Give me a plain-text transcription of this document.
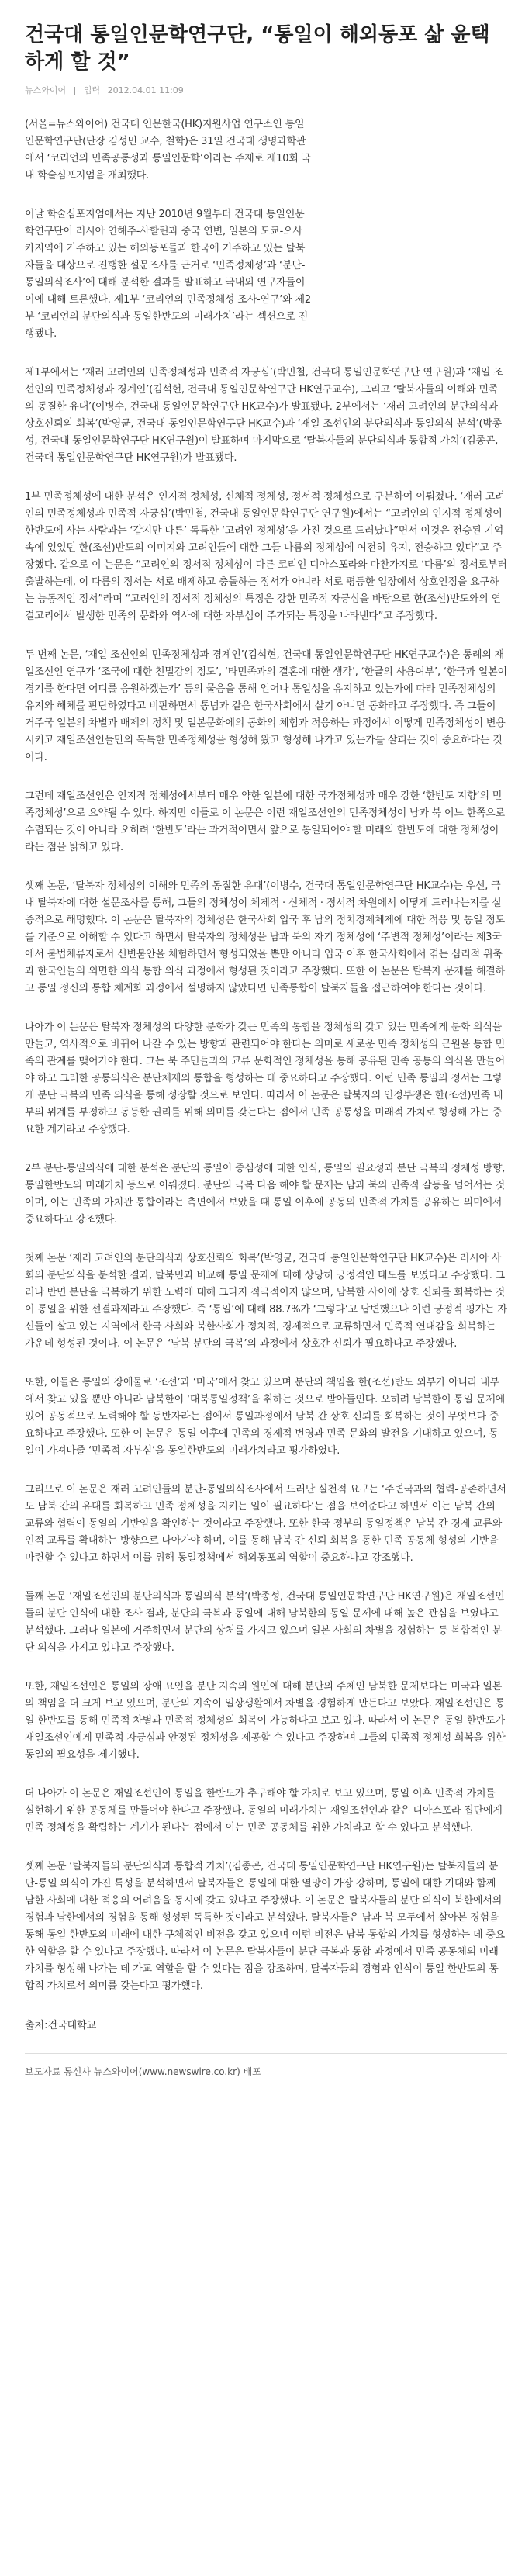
건국대 통일인문학연구단, “통일이 해외동포 삶 윤택하게 할 것”
뉴스와이어 | 입력 2012.04.01 11:09

(서울=뉴스와이어) 건국대 인문한국(HK)지원사업 연구소인 통일인문학연구단(단장 김성민 교수, 철학)은 31일 건국대 생명과학관에서 ‘코리언의 민족공통성과 통일인문학’이라는 주제로 제10회 국내 학술심포지엄을 개최했다.

이날 학술심포지엄에서는 지난 2010년 9월부터 건국대 통일인문학연구단이 러시아 연해주-사할린과 중국 연변, 일본의 도쿄-오사카지역에 거주하고 있는 해외동포들과 한국에 거주하고 있는 탈북자들을 대상으로 진행한 설문조사를 근거로 ‘민족정체성’과 ‘분단-통일의식조사’에 대해 분석한 결과를 발표하고 국내외 연구자들이 이에 대해 토론했다. 제1부 ‘코리언의 민족정체성 조사-연구’와 제2부 ‘코리언의 분단의식과 통일한반도의 미래가치’라는 섹션으로 진행됐다.

제1부에서는 ‘재러 고려인의 민족정체성과 민족적 자긍심’(박민철, 건국대 통일인문학연구단 연구원)과 ‘재일 조선인의 민족정체성과 경계인’(김석현, 건국대 통일인문학연구단 HK연구교수), 그리고 ‘탈북자들의 이해와 민족의 동질한 유대’(이병수, 건국대 통일인문학연구단 HK교수)가 발표됐다. 2부에서는 ‘재러 고려인의 분단의식과 상호신뢰의 회복’(박영균, 건국대 통일인문학연구단 HK교수)과 ‘재일 조선인의 분단의식과 통일의식 분석’(박종성, 건국대 통일인문학연구단 HK연구원)이 발표하며 마지막으로 ‘탈북자들의 분단의식과 통합적 가치’(김종곤, 건국대 통일인문학연구단 HK연구원)가 발표됐다.

1부 민족정체성에 대한 분석은 인지적 정체성, 신체적 정체성, 정서적 정체성으로 구분하여 이뤄졌다. ‘재러 고려인의 민족정체성과 민족적 자긍심’(박민철, 건국대 통일인문학연구단 연구원)에서는 “고려인의 인지적 정체성이 한반도에 사는 사람과는 ‘같지만 다른’ 독특한 ‘고려인 정체성’을 가진 것으로 드러났다”면서 이것은 전승된 기억 속에 있었던 한(조선)반도의 이미지와 고려인들에 대한 그들 나름의 정체성에 여전히 유지, 전승하고 있다”고 주장했다. 같으로 이 논문은 “고려인의 정서적 정체성이 다른 코리언 디아스포라와 마찬가지로 ‘다름’의 정서로부터 출발하는데, 이 다름의 정서는 서로 배제하고 충돌하는 정서가 아니라 서로 평등한 입장에서 상호인정을 요구하는 능동적인 정서”라며 “고려인의 정서적 정체성의 특징은 강한 민족적 자긍심을 바탕으로 한(조선)반도와의 연결고리에서 발생한 민족의 문화와 역사에 대한 자부심이 주가되는 특징을 나타낸다”고 주장했다.

두 번째 논문, ‘재일 조선인의 민족정체성과 경계인’(김석현, 건국대 통일인문학연구단 HK연구교수)은 통례의 재일조선인 연구가 ‘조국에 대한 친밀감의 정도’, ‘타민족과의 결혼에 대한 생각’, ‘한글의 사용여부’, ‘한국과 일본이 경기를 한다면 어디를 응원하겠는가’ 등의 물음을 통해 얻어나 통일성을 유지하고 있는가에 따라 민족정체성의 유지와 해체를 판단하였다고 비판하면서 통념과 같은 한국사회에서 살기 아니면 동화라고 주장했다. 즉 그들이 거주국 일본의 차별과 배제의 정책 및 일본문화에의 동화의 체험과 적응하는 과정에서 어떻게 민족정체성이 변용시키고 재일조선인들만의 독특한 민족정체성을 형성해 왔고 형성해 나가고 있는가를 살피는 것이 중요하다는 것이다.

그런데 재일조선인은 인지적 정체성에서부터 매우 약한 일본에 대한 국가정체성과 매우 강한 ‘한반도 지향’의 민족정체성’으로 요약될 수 있다. 하지만 이들로 이 논문은 이런 재일조선인의 민족정체성이 남과 북 어느 한쪽으로 수렴되는 것이 아니라 오히려 ‘한반도’라는 과거적이면서 앞으로 통일되어야 할 미래의 한반도에 대한 정체성이라는 점을 밝히고 있다.

셋째 논문, ‘탈북자 정체성의 이해와 민족의 동질한 유대’(이병수, 건국대 통일인문학연구단 HK교수)는 우선, 국내 탈북자에 대한 설문조사를 통해, 그들의 정체성이 체제적 · 신체적 · 정서적 차원에서 어떻게 드러나는지를 실증적으로 해명했다. 이 논문은 탈북자의 정체성은 한국사회 입국 후 남의 정치경제체제에 대한 적응 및 통일 정도를 기준으로 이해할 수 있다고 하면서 탈북자의 정체성을 남과 북의 자기 정체성에 ‘주변적 정체성’이라는 제3국에서 불법체류자로서 신변불안을 체험하면서 형성되었을 뿐만 아니라 입국 이후 한국사회에서 겪는 심리적 위축과 한국인들의 외면한 의식 통합 의식 과정에서 형성된 것이라고 주장했다. 또한 이 논문은 탈북자 문제를 해결하고 통일 정신의 통합 체계화 과정에서 설명하지 않았다면 민족통합이 탈북자들을 접근하여야 한다는 것이다.

나아가 이 논문은 탈북자 정체성의 다양한 분화가 갖는 민족의 통합을 정체성의 갖고 있는 민족에게 분화 의식을 만들고, 역사적으로 바뀌어 나갈 수 있는 방향과 관련되어야 한다는 의미로 새로운 민족 정체성의 근원을 통합 민족의 관계를 맺어가야 한다. 그는 북 주민들과의 교류 문화적인 정체성을 통해 공유된 민족 공통의 의식을 만들어야 하고 그러한 공통의식은 분단체제의 통합을 형성하는 데 중요하다고 주장했다. 이런 민족 통일의 정서는 그렇게 분단 극복의 민족 의식을 통해 성장할 것으로 보인다. 따라서 이 논문은 탈북자의 인정투쟁은 한(조선)민족 내부의 위계를 부정하고 동등한 권리를 위해 의미를 갖는다는 점에서 민족 공통성을 미래적 가치로 형성해 가는 중요한 계기라고 주장했다.

2부 분단-통일의식에 대한 분석은 분단의 통일이 중심성에 대한 인식, 통일의 필요성과 분단 극복의 정체성 방향, 통일한반도의 미래가치 등으로 이뤄졌다. 분단의 극복 다음 해야 할 문제는 남과 북의 민족적 갈등을 넘어서는 것이며, 이는 민족의 가치관 통합이라는 측면에서 보았을 때 통일 이후에 공동의 민족적 가치를 공유하는 의미에서 중요하다고 강조했다.

첫째 논문 ‘재러 고려인의 분단의식과 상호신뢰의 회복’(박영균, 건국대 통일인문학연구단 HK교수)은 러시아 사회의 분단의식을 분석한 결과, 탈북민과 비교해 통일 문제에 대해 상당히 긍정적인 태도를 보였다고 주장했다. 그러나 반면 분단을 극복하기 위한 노력에 대해 그다지 적극적이지 않으며, 남북한 사이에 상호 신뢰를 회복하는 것이 통일을 위한 선결과제라고 주장했다. 즉 ‘통일’에 대해 88.7%가 ‘그렇다’고 답변했으나 이런 긍정적 평가는 자신들이 살고 있는 지역에서 한국 사회와 북한사회가 정치적, 경제적으로 교류하면서 민족적 연대감을 회복하는 가운데 형성된 것이다. 이 논문은 ‘남북 분단의 극복’의 과정에서 상호간 신뢰가 필요하다고 주장했다.

또한, 이들은 통일의 장애물로 ‘조선’과 ‘미국’에서 찾고 있으며 분단의 책임을 한(조선)반도 외부가 아니라 내부에서 찾고 있을 뿐만 아니라 남북한이 ‘대북통일정책’을 취하는 것으로 받아들인다. 오히려 남북한이 통일 문제에 있어 공동적으로 노력해야 할 동반자라는 점에서 통일과정에서 남북 간 상호 신뢰를 회복하는 것이 무엇보다 중요하다고 주장했다. 또한 이 논문은 통일 이후에 민족의 경제적 번영과 민족 문화의 발전을 기대하고 있으며, 통일이 가져다줄 ‘민족적 자부심’을 통일한반도의 미래가치라고 평가하였다.

그리므로 이 논문은 재러 고려인들의 분단-통일의식조사에서 드러난 실천적 요구는 ‘주변국과의 협력-공존하면서도 남북 간의 유대를 회복하고 민족 정체성을 지키는 일이 필요하다’는 점을 보여준다고 하면서 이는 남북 간의 교류와 협력이 통일의 기반임을 확인하는 것이라고 주장했다. 또한 한국 정부의 통일정책은 남북 간 경제 교류와 인적 교류를 확대하는 방향으로 나아가야 하며, 이를 통해 남북 간 신뢰 회복을 통한 민족 공동체 형성의 기반을 마련할 수 있다고 하면서 이를 위해 통일정책에서 해외동포의 역할이 중요하다고 강조했다.

둘째 논문 ‘재일조선인의 분단의식과 통일의식 분석’(박종성, 건국대 통일인문학연구단 HK연구원)은 재일조선인들의 분단 인식에 대한 조사 결과, 분단의 극복과 통일에 대해 남북한의 통일 문제에 대해 높은 관심을 보였다고 분석했다. 그러나 일본에 거주하면서 분단의 상처를 가지고 있으며 일본 사회의 차별을 경험하는 등 복합적인 분단 의식을 가지고 있다고 주장했다.

또한, 재일조선인은 통일의 장애 요인을 분단 지속의 원인에 대해 분단의 주체인 남북한 문제보다는 미국과 일본의 책임을 더 크게 보고 있으며, 분단의 지속이 일상생활에서 차별을 경험하게 만든다고 보았다. 재일조선인은 통일 한반도를 통해 민족적 차별과 민족적 정체성의 회복이 가능하다고 보고 있다. 따라서 이 논문은 통일 한반도가 재일조선인에게 민족적 자긍심과 안정된 정체성을 제공할 수 있다고 주장하며 그들의 민족적 정체성 회복을 위한 통일의 필요성을 제기했다.

더 나아가 이 논문은 재일조선인이 통일을 한반도가 추구해야 할 가치로 보고 있으며, 통일 이후 민족적 가치를 실현하기 위한 공동체를 만들어야 한다고 주장했다. 통일의 미래가치는 재일조선인과 같은 디아스포라 집단에게 민족 정체성을 확립하는 계기가 된다는 점에서 이는 민족 공동체를 위한 가치라고 할 수 있다고 분석했다.

셋째 논문 ‘탈북자들의 분단의식과 통합적 가치’(김종곤, 건국대 통일인문학연구단 HK연구원)는 탈북자들의 분단-통일 의식이 가진 특성을 분석하면서 탈북자들은 통일에 대한 열망이 가장 강하며, 통일에 대한 기대와 함께 남한 사회에 대한 적응의 어려움을 동시에 갖고 있다고 주장했다. 이 논문은 탈북자들의 분단 의식이 북한에서의 경험과 남한에서의 경험을 통해 형성된 독특한 것이라고 분석했다. 탈북자들은 남과 북 모두에서 살아본 경험을 통해 통일 한반도의 미래에 대한 구체적인 비전을 갖고 있으며 이런 비전은 남북 통합의 가치를 형성하는 데 중요한 역할을 할 수 있다고 주장했다. 따라서 이 논문은 탈북자들이 분단 극복과 통합 과정에서 민족 공동체의 미래가치를 형성해 나가는 데 가교 역할을 할 수 있다는 점을 강조하며, 탈북자들의 경험과 인식이 통일 한반도의 통합적 가치로서 의미를 갖는다고 평가했다.

출처:건국대학교
보도자료 통신사 뉴스와이어(www.newswire.co.kr) 배포
